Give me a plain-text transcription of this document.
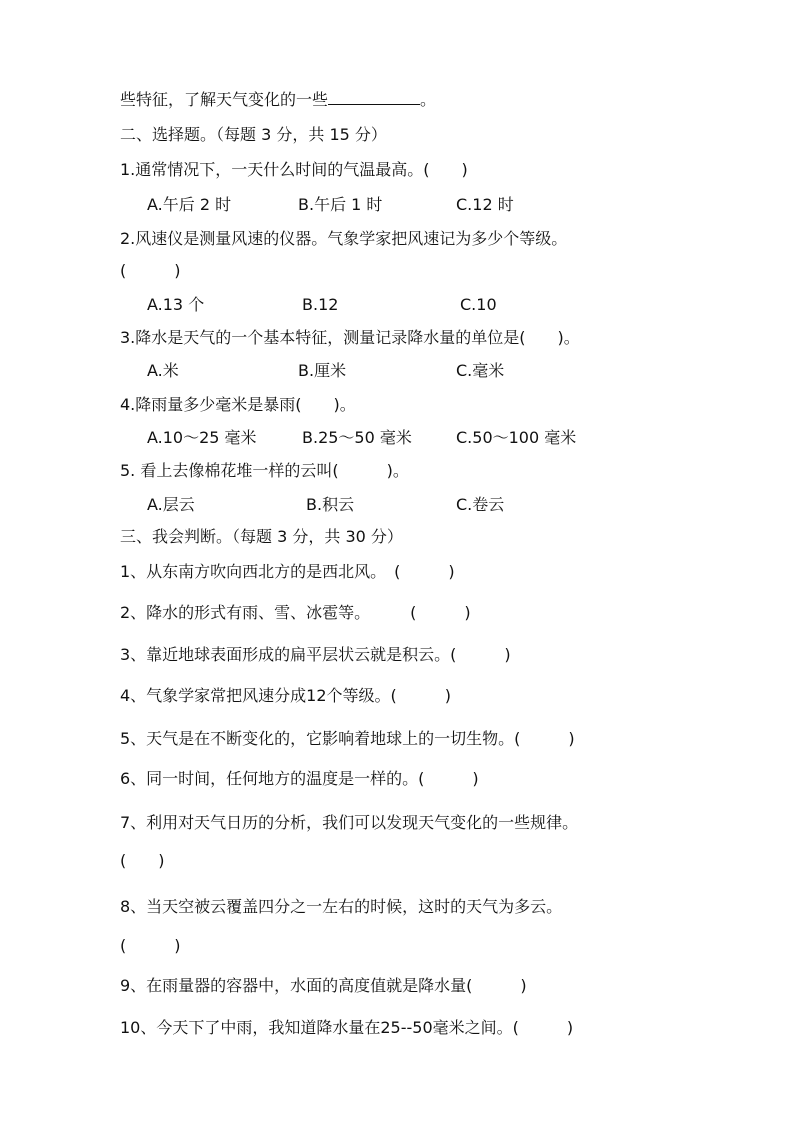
些特征，了解天气变化的一些	。
二、选择题。（每题 3 分，共 15 分）
1.通常情况下，一天什么时间的气温最高。(　　)
A.午后 2 时	B.午后 1 时	C.12 时
2.风速仪是测量风速的仪器。气象学家把风速记为多少个等级。
(　　　)
A.13 个	B.12	C.10
3.降水是天气的一个基本特征，测量记录降水量的单位是(　　)。
A.米	B.厘米	C.毫米
4.降雨量多少毫米是暴雨(　　)。
A.10～25 毫米	B.25～50 毫米	C.50～100 毫米
5. 看上去像棉花堆一样的云叫(　　　)。
A.层云	B.积云	C.卷云
三、我会判断。（每题 3 分，共 30 分）
1、从东南方吹向西北方的是西北风。　(　　　)
2、降水的形式有雨、雪、冰雹等。　　　(　　　)
3、靠近地球表面形成的扁平层状云就是积云。(　　　)
4、气象学家常把风速分成12个等级。(　　　)
5、天气是在不断变化的，它影响着地球上的一切生物。(　　　)
6、同一时间，任何地方的温度是一样的。(　　　)
7、利用对天气日历的分析，我们可以发现天气变化的一些规律。
(　　)
8、当天空被云覆盖四分之一左右的时候，这时的天气为多云。
(　　　)
9、在雨量器的容器中，水面的高度值就是降水量(　　　)
10、今天下了中雨，我知道降水量在25--50毫米之间。(　　　)
